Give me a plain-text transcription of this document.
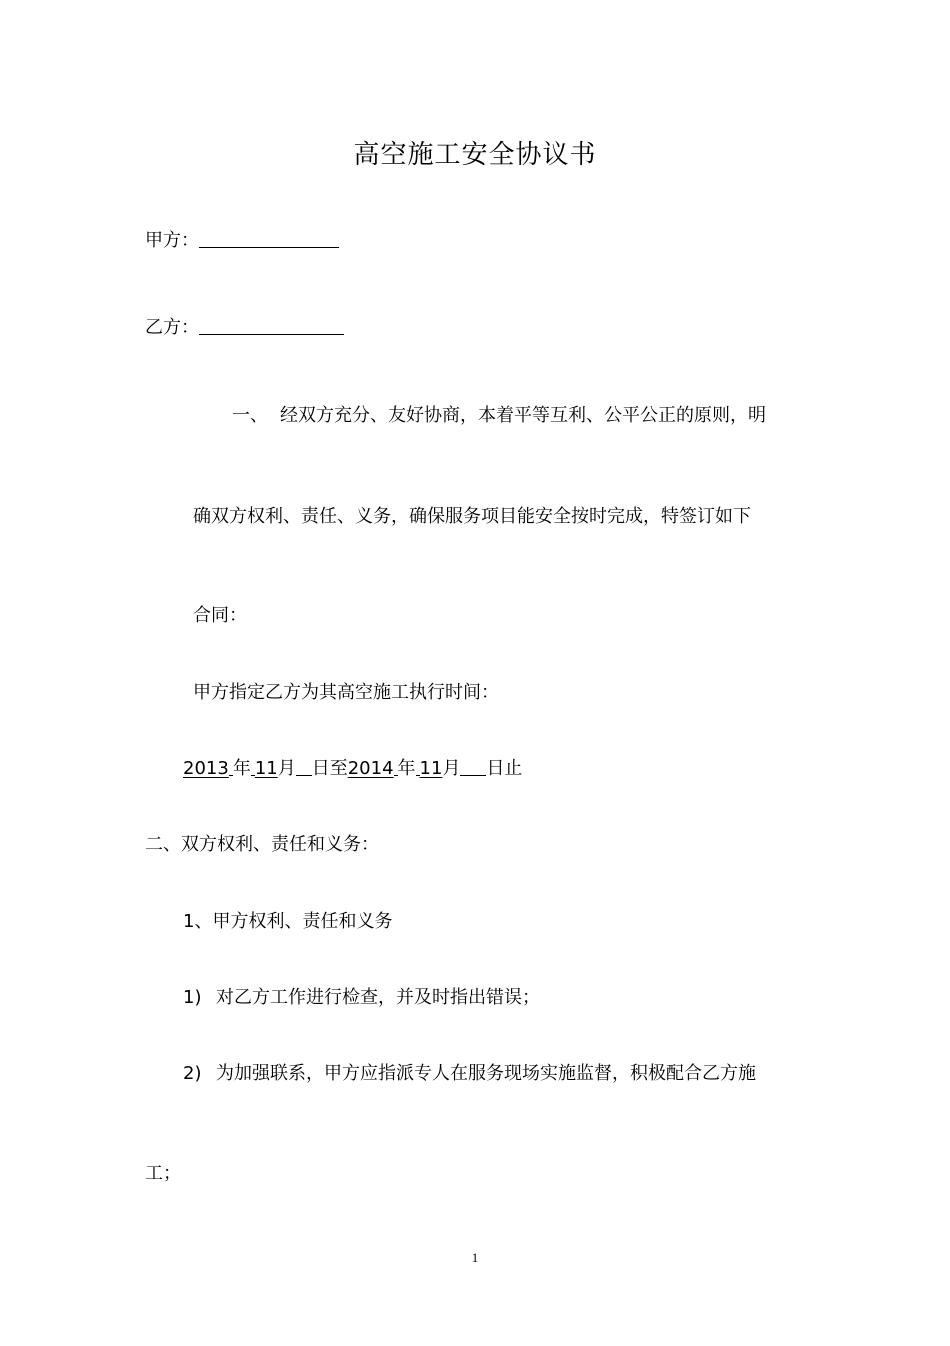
高空施工安全协议书
甲方：
乙方：
一、 经双方充分、友好协商，本着平等互利、公平公正的原则，明
确双方权利、责任、义务，确保服务项目能安全按时完成，特签订如下
合同：
甲方指定乙方为其高空施工执行时间：
2013 年 11月 日至2014 年 11月 日止
二、双方权利、责任和义务：
1、甲方权利、责任和义务
1) 对乙方工作进行检查，并及时指出错误；
2) 为加强联系，甲方应指派专人在服务现场实施监督，积极配合乙方施
工；
1
